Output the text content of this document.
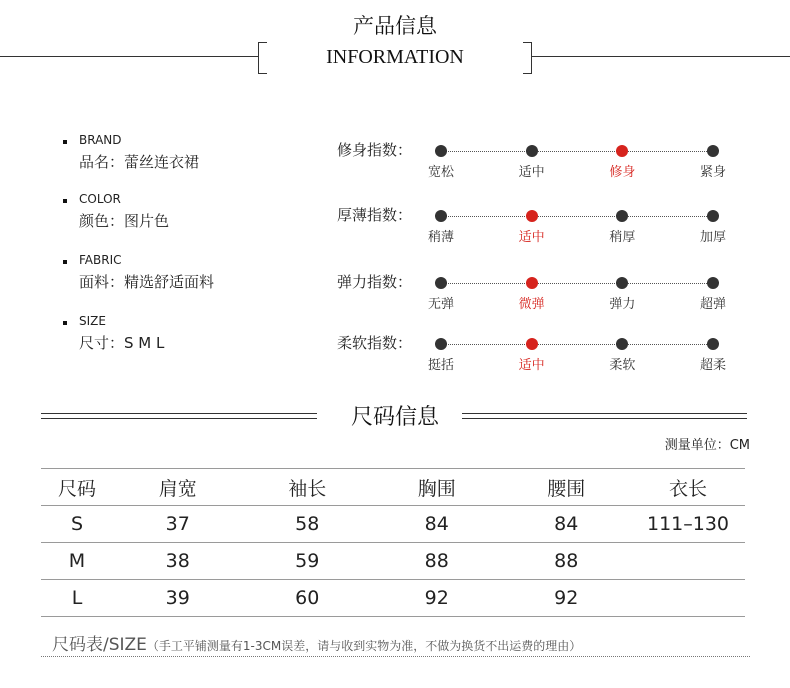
产品信息
INFORMATION
BRAND
品名：蕾丝连衣裙
COLOR
颜色：图片色
FABRIC
面料：精选舒适面料
SIZE
尺寸：S M L
修身指数：
宽松	适中	修身	紧身
厚薄指数：
稍薄	适中	稍厚	加厚
弹力指数：
无弹	微弹	弹力	超弹
柔软指数：
挺括	适中	柔软	超柔
尺码信息
测量单位：CM
尺码	肩宽	袖长	胸围	腰围	衣长
S	37	58	84	84	111–130
M	38	59	88	88	
L	39	60	92	92	
尺码表/SIZE（手工平铺测量有1-3CM误差，请与收到实物为准，不做为换货不出运费的理由）
